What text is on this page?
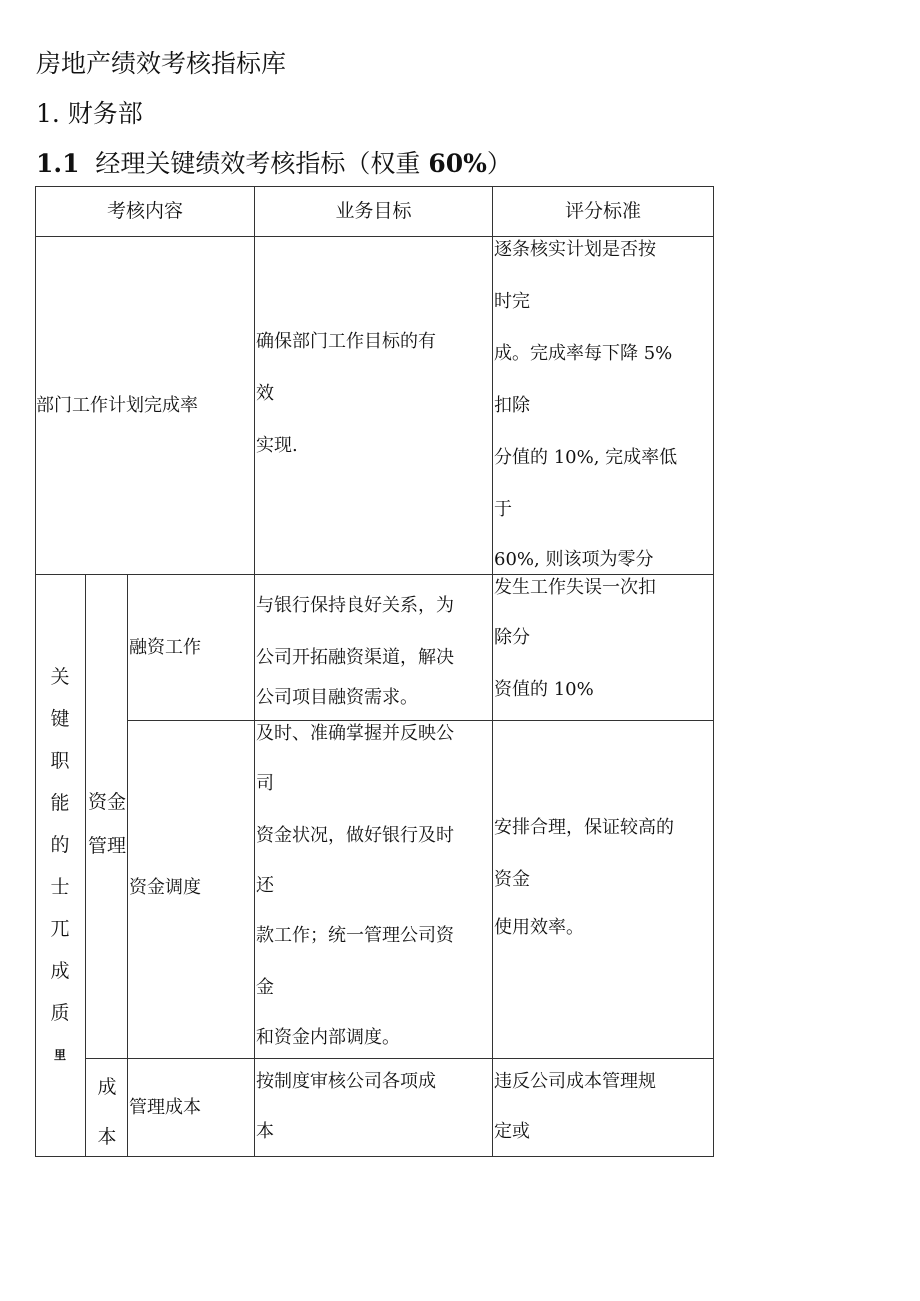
房地产绩效考核指标库
1. 财务部
1.1 经理关键绩效考核指标（权重 60%）
考核内容	业务目标	评分标准
部门工作计划完成率
确保部门工作目标的有
效
实现.
逐条核实计划是否按
时完
成。完成率每下降 5%
扣除
分值的 10%, 完成率低
于
60%, 则该项为零分
关
键
职
能
的
士
兀
成
质
里
资金
管理
融资工作
与银行保持良好关系，为
公司开拓融资渠道，解决
公司项目融资需求。
发生工作失误一次扣
除分
资值的 10%
资金调度
及时、准确掌握并反映公
司
资金状况，做好银行及时
还
款工作；统一管理公司资
金
和资金内部调度。
安排合理，保证较高的
资金
使用效率。
成
本
管理成本
按制度审核公司各项成
本
违反公司成本管理规
定或
